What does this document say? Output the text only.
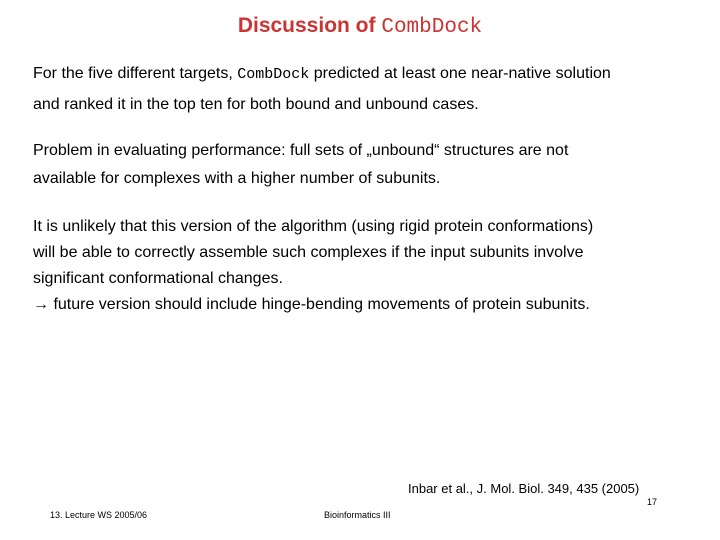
Discussion of CombDock

For the five different targets, CombDock predicted at least one near-native solution
and ranked it in the top ten for both bound and unbound cases.

Problem in evaluating performance: full sets of „unbound“ structures are not
available for complexes with a higher number of subunits.

It is unlikely that this version of the algorithm (using rigid protein conformations)
will be able to correctly assemble such complexes if the input subunits involve
significant conformational changes.
→ future version should include hinge-bending movements of protein subunits.

Inbar et al., J. Mol. Biol. 349, 435 (2005)
17
13. Lecture WS 2005/06	Bioinformatics III
